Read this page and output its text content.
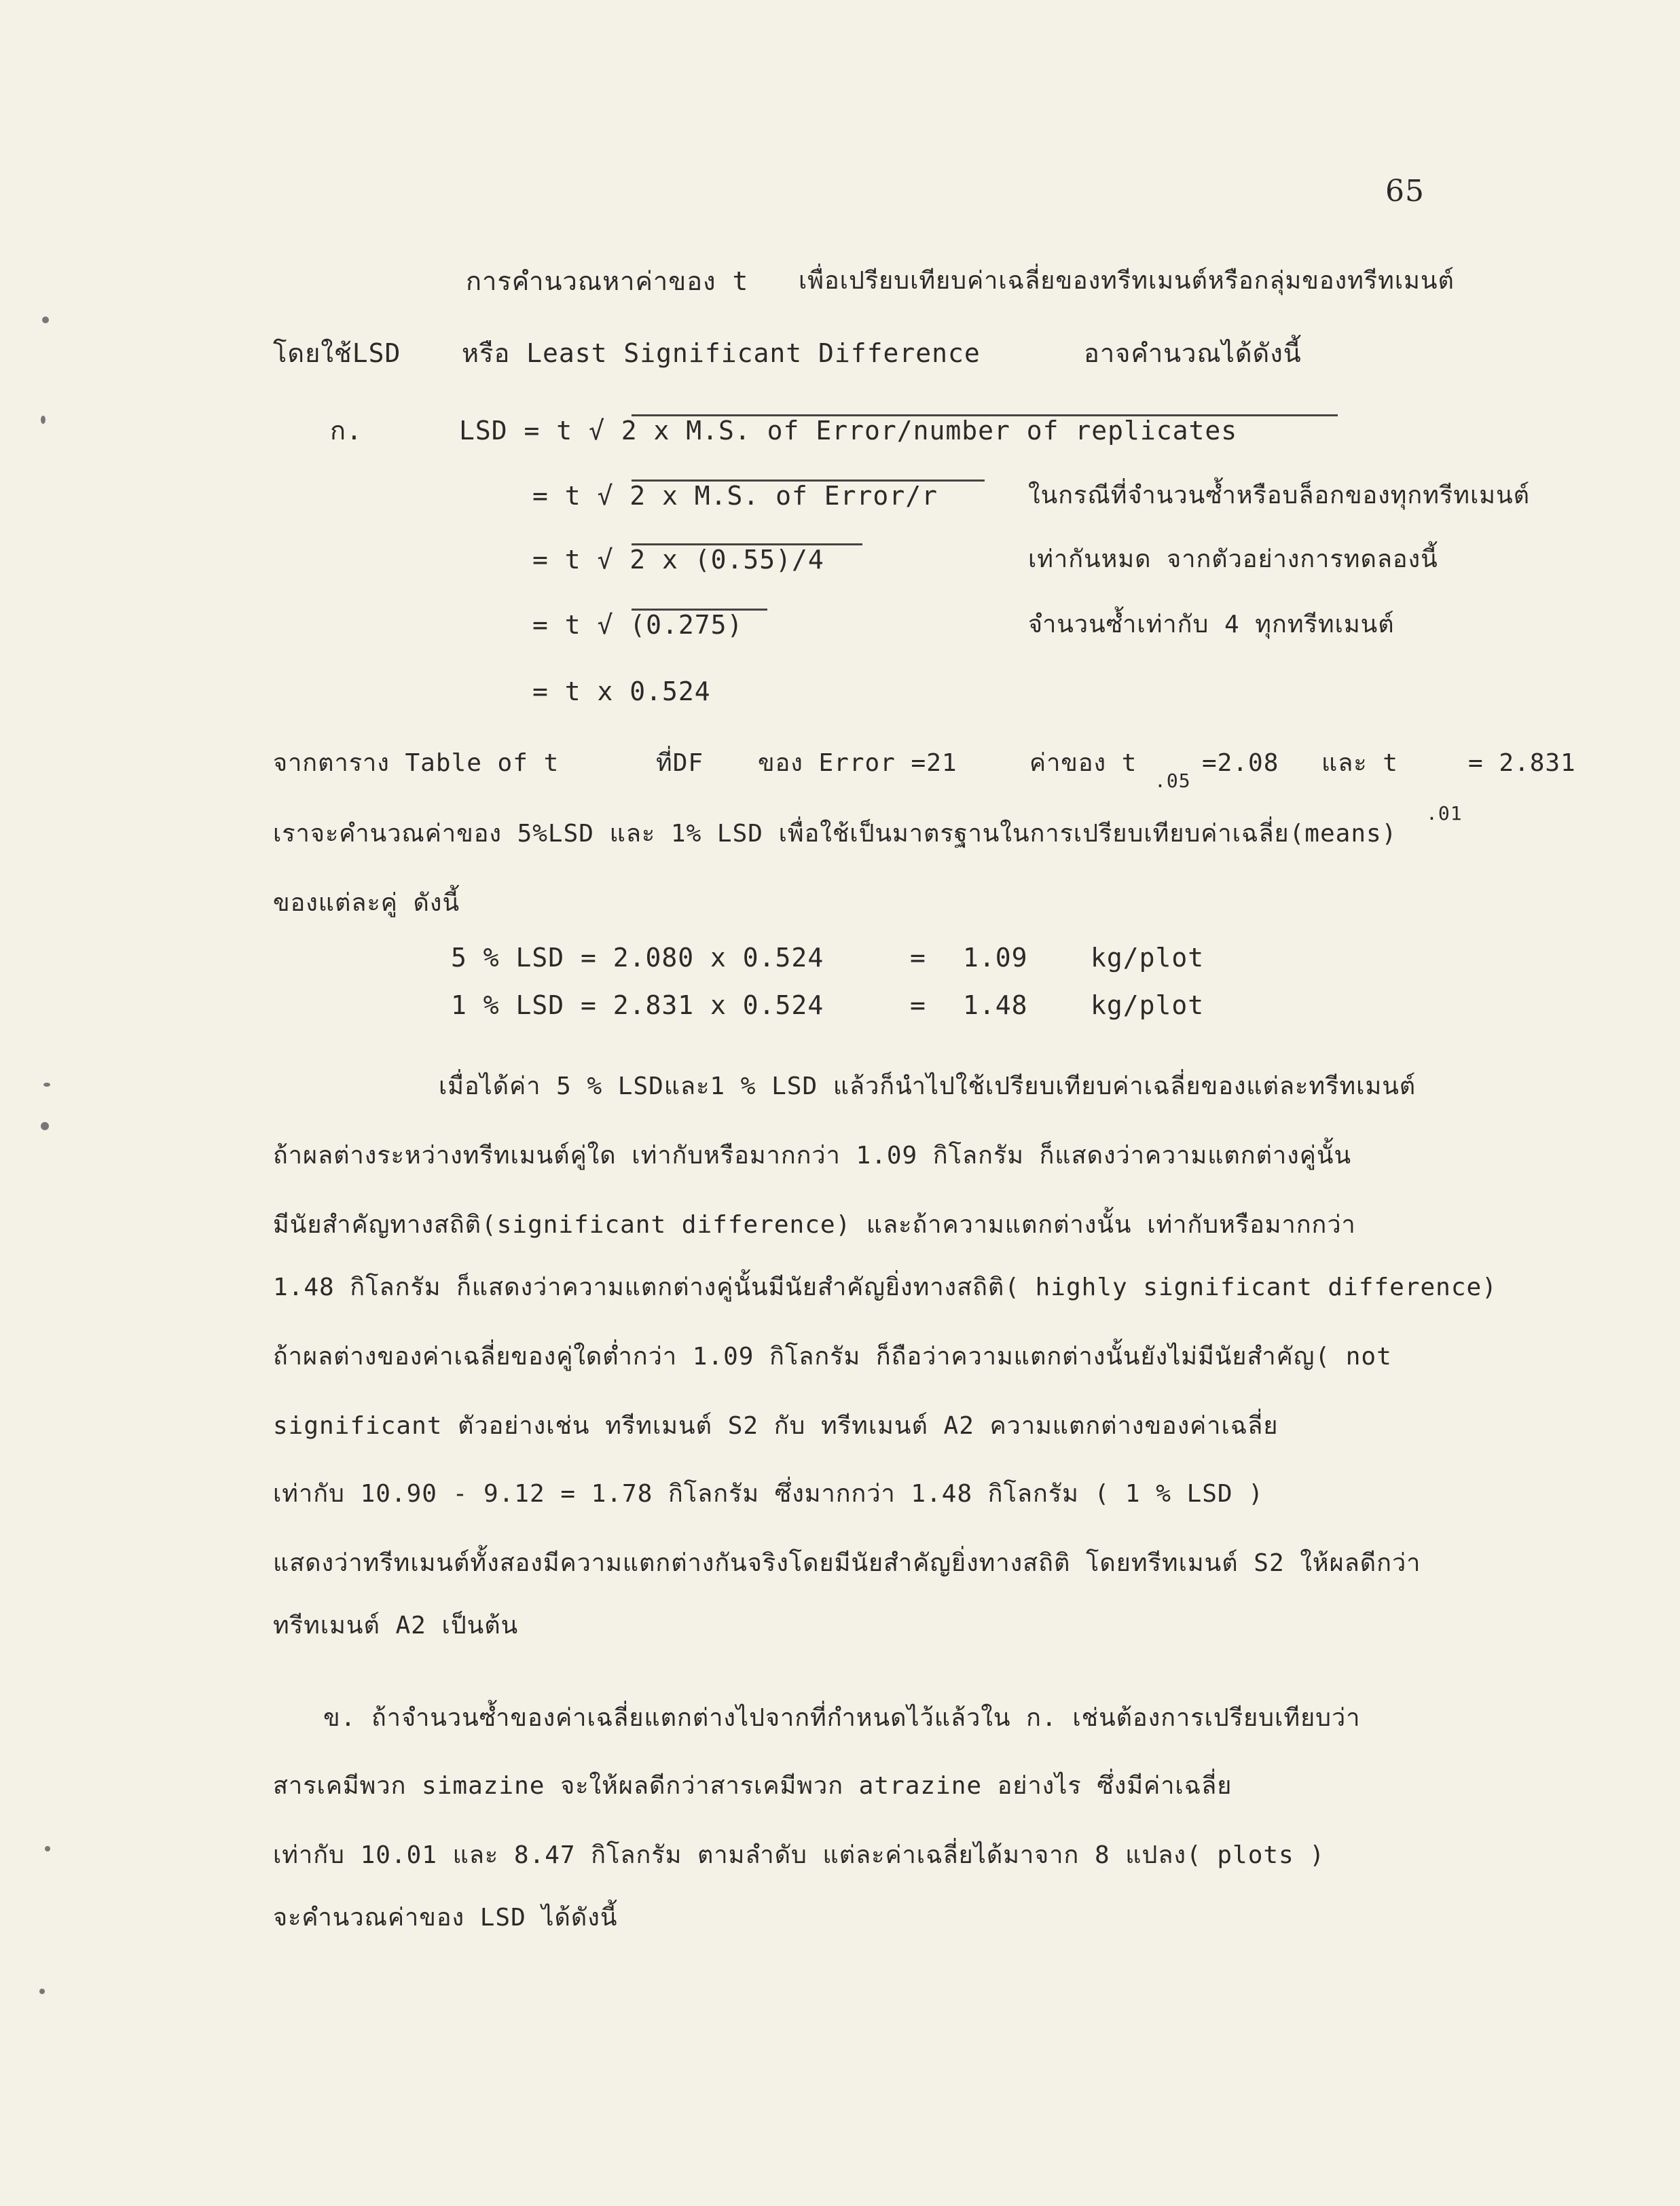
65
การคำนวณหาค่าของ t เพื่อเปรียบเทียบค่าเฉลี่ยของทรีทเมนต์หรือกลุ่มของทรีทเมนต์
โดยใช้LSD หรือ Least Significant Difference	อาจคำนวณได้ดังนี้
ก.	LSD = t √ 2 x M.S. of Error/number of replicates
= t √ 2 x M.S. of Error/r	ในกรณีที่จำนวนซ้ำหรือบล็อกของทุกทรีทเมนต์
= t √ 2 x (0.55)/4	เท่ากันหมด จากตัวอย่างการทดลองนี้
= t √ (0.275)	จำนวนซ้ำเท่ากับ 4 ทุกทรีทเมนต์
= t x 0.524
จากตาราง Table of t	ที่DF ของ Error =21	ค่าของ t
.05
=2.08 และ t
.01
= 2.831
เราจะคำนวณค่าของ 5%LSD และ 1% LSD เพื่อใช้เป็นมาตรฐานในการเปรียบเทียบค่าเฉลี่ย(means)
ของแต่ละคู่ ดังนี้
5 % LSD = 2.080 x 0.524	= 1.09 kg/plot
1 % LSD = 2.831 x 0.524	= 1.48 kg/plot
เมื่อได้ค่า 5 % LSDและ1 % LSD แล้วก็นำไปใช้เปรียบเทียบค่าเฉลี่ยของแต่ละทรีทเมนต์
ถ้าผลต่างระหว่างทรีทเมนต์คู่ใด เท่ากับหรือมากกว่า 1.09 กิโลกรัม ก็แสดงว่าความแตกต่างคู่นั้น
มีนัยสำคัญทางสถิติ(significant difference) และถ้าความแตกต่างนั้น เท่ากับหรือมากกว่า
1.48 กิโลกรัม ก็แสดงว่าความแตกต่างคู่นั้นมีนัยสำคัญยิ่งทางสถิติ( highly significant difference)
ถ้าผลต่างของค่าเฉลี่ยของคู่ใดต่ำกว่า 1.09 กิโลกรัม ก็ถือว่าความแตกต่างนั้นยังไม่มีนัยสำคัญ( not
significant ตัวอย่างเช่น ทรีทเมนต์ S2 กับ ทรีทเมนต์ A2 ความแตกต่างของค่าเฉลี่ย
เท่ากับ 10.90 - 9.12 = 1.78 กิโลกรัม ซึ่งมากกว่า 1.48 กิโลกรัม ( 1 % LSD )
แสดงว่าทรีทเมนต์ทั้งสองมีความแตกต่างกันจริงโดยมีนัยสำคัญยิ่งทางสถิติ โดยทรีทเมนต์ S2 ให้ผลดีกว่า
ทรีทเมนต์ A2 เป็นต้น
ข. ถ้าจำนวนซ้ำของค่าเฉลี่ยแตกต่างไปจากที่กำหนดไว้แล้วใน ก. เช่นต้องการเปรียบเทียบว่า
สารเคมีพวก simazine จะให้ผลดีกว่าสารเคมีพวก atrazine อย่างไร ซึ่งมีค่าเฉลี่ย
เท่ากับ 10.01 และ 8.47 กิโลกรัม ตามลำดับ แต่ละค่าเฉลี่ยได้มาจาก 8 แปลง( plots )
จะคำนวณค่าของ LSD ได้ดังนี้
